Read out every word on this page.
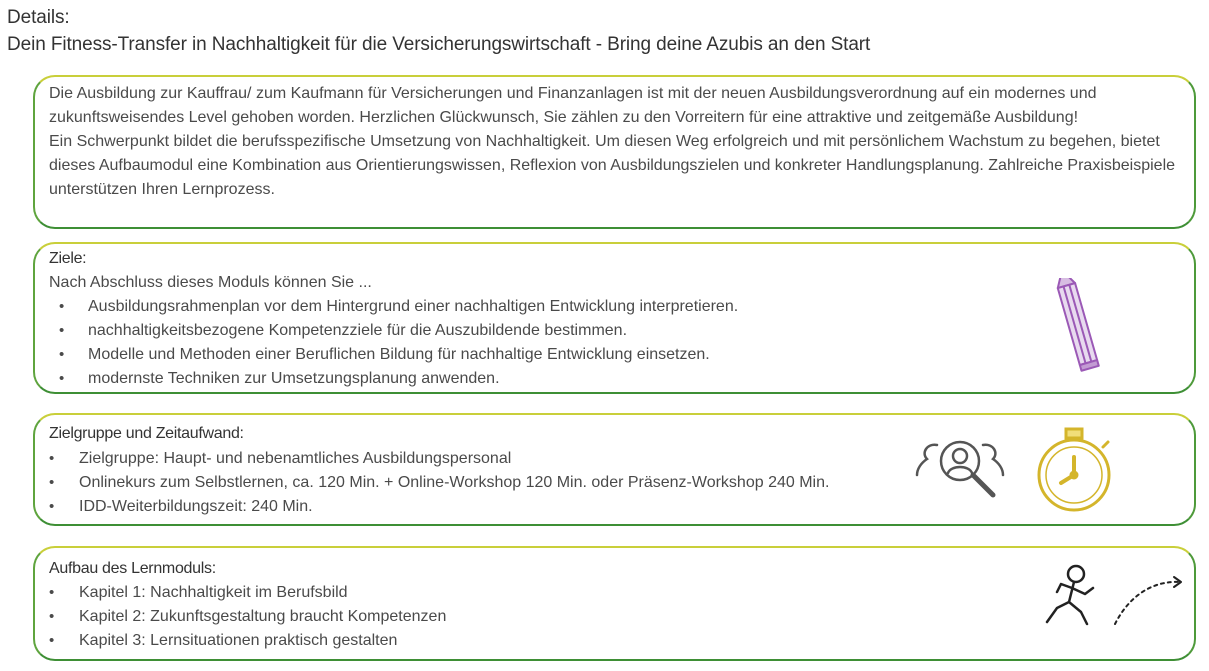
Details:
Dein Fitness-Transfer in Nachhaltigkeit für die Versicherungswirtschaft - Bring deine Azubis an den Start

Die Ausbildung zur Kauffrau/ zum Kaufmann für Versicherungen und Finanzanlagen ist mit der neuen Ausbildungsverordnung auf ein modernes und zukunftsweisendes Level gehoben worden. Herzlichen Glückwunsch, Sie zählen zu den Vorreitern für eine attraktive und zeitgemäße Ausbildung!

Ein Schwerpunkt bildet die berufsspezifische Umsetzung von Nachhaltigkeit. Um diesen Weg erfolgreich und mit persönlichem Wachstum zu begehen, bietet dieses Aufbaumodul eine Kombination aus Orientierungswissen, Reflexion von Ausbildungszielen und konkreter Handlungsplanung. Zahlreiche Praxisbeispiele unterstützen Ihren Lernprozess.

Ziele:
Nach Abschluss dieses Moduls können Sie ...
• Ausbildungsrahmenplan vor dem Hintergrund einer nachhaltigen Entwicklung interpretieren.
• nachhaltigkeitsbezogene Kompetenzziele für die Auszubildende bestimmen.
• Modelle und Methoden einer Beruflichen Bildung für nachhaltige Entwicklung einsetzen.
• modernste Techniken zur Umsetzungsplanung anwenden.
Zielgruppe und Zeitaufwand:
• Zielgruppe: Haupt- und nebenamtliches Ausbildungspersonal
• Onlinekurs zum Selbstlernen, ca. 120 Min. + Online-Workshop 120 Min. oder Präsenz-Workshop 240 Min.
• IDD-Weiterbildungszeit: 240 Min.
Aufbau des Lernmoduls:
• Kapitel 1: Nachhaltigkeit im Berufsbild
• Kapitel 2: Zukunftsgestaltung braucht Kompetenzen
• Kapitel 3: Lernsituationen praktisch gestalten
